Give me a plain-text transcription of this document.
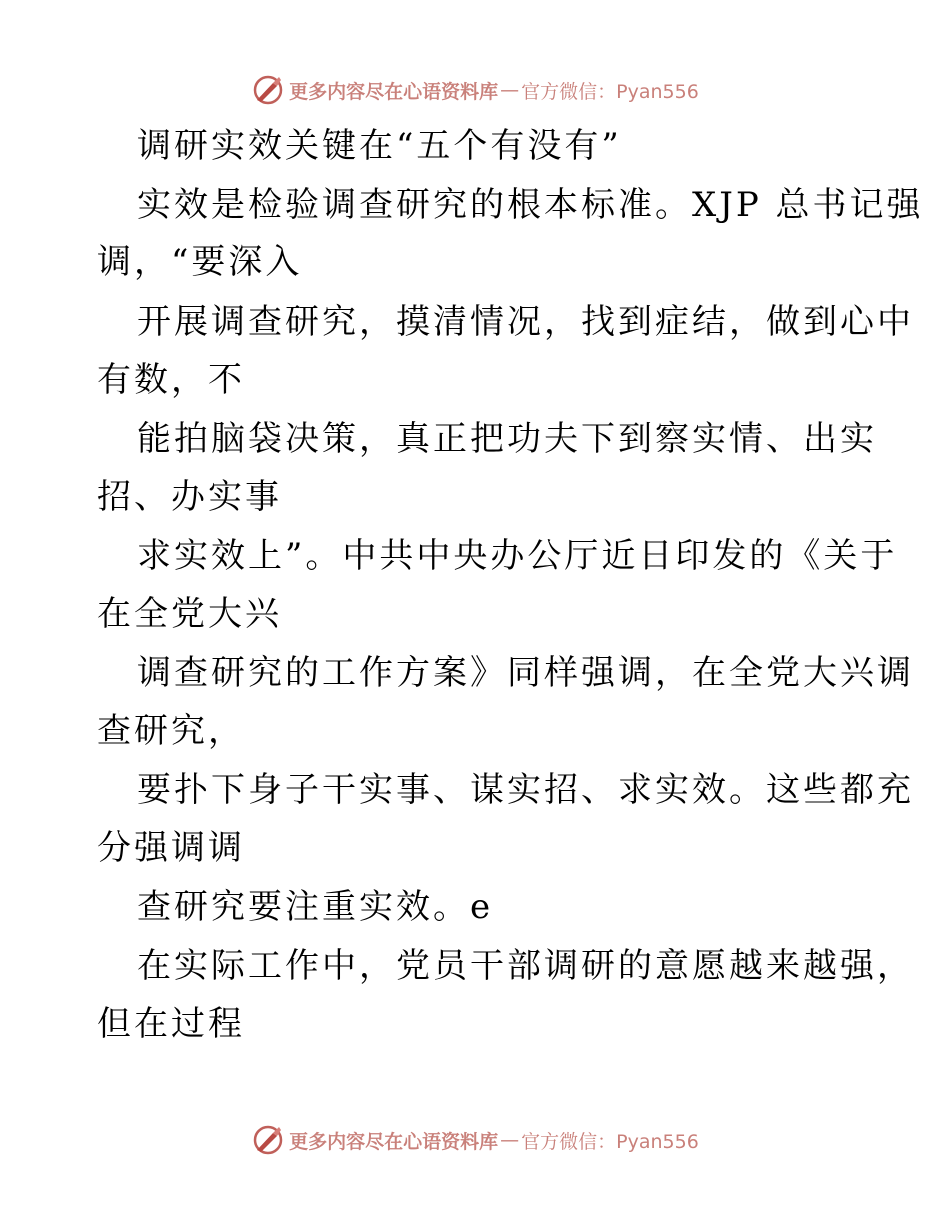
更多内容尽在心语资料库 — 官方微信：Pyan556
调研实效关键在“五个有没有”
实效是检验调查研究的根本标准。XJP 总书记强
调，“要深入
开展调查研究，摸清情况，找到症结，做到心中
有数，不
能拍脑袋决策，真正把功夫下到察实情、出实
招、办实事
求实效上”。中共中央办公厅近日印发的《关于
在全党大兴
调查研究的工作方案》同样强调，在全党大兴调
查研究，
要扑下身子干实事、谋实招、求实效。这些都充
分强调调
查研究要注重实效。e
在实际工作中，党员干部调研的意愿越来越强，
但在过程
更多内容尽在心语资料库 — 官方微信：Pyan556
